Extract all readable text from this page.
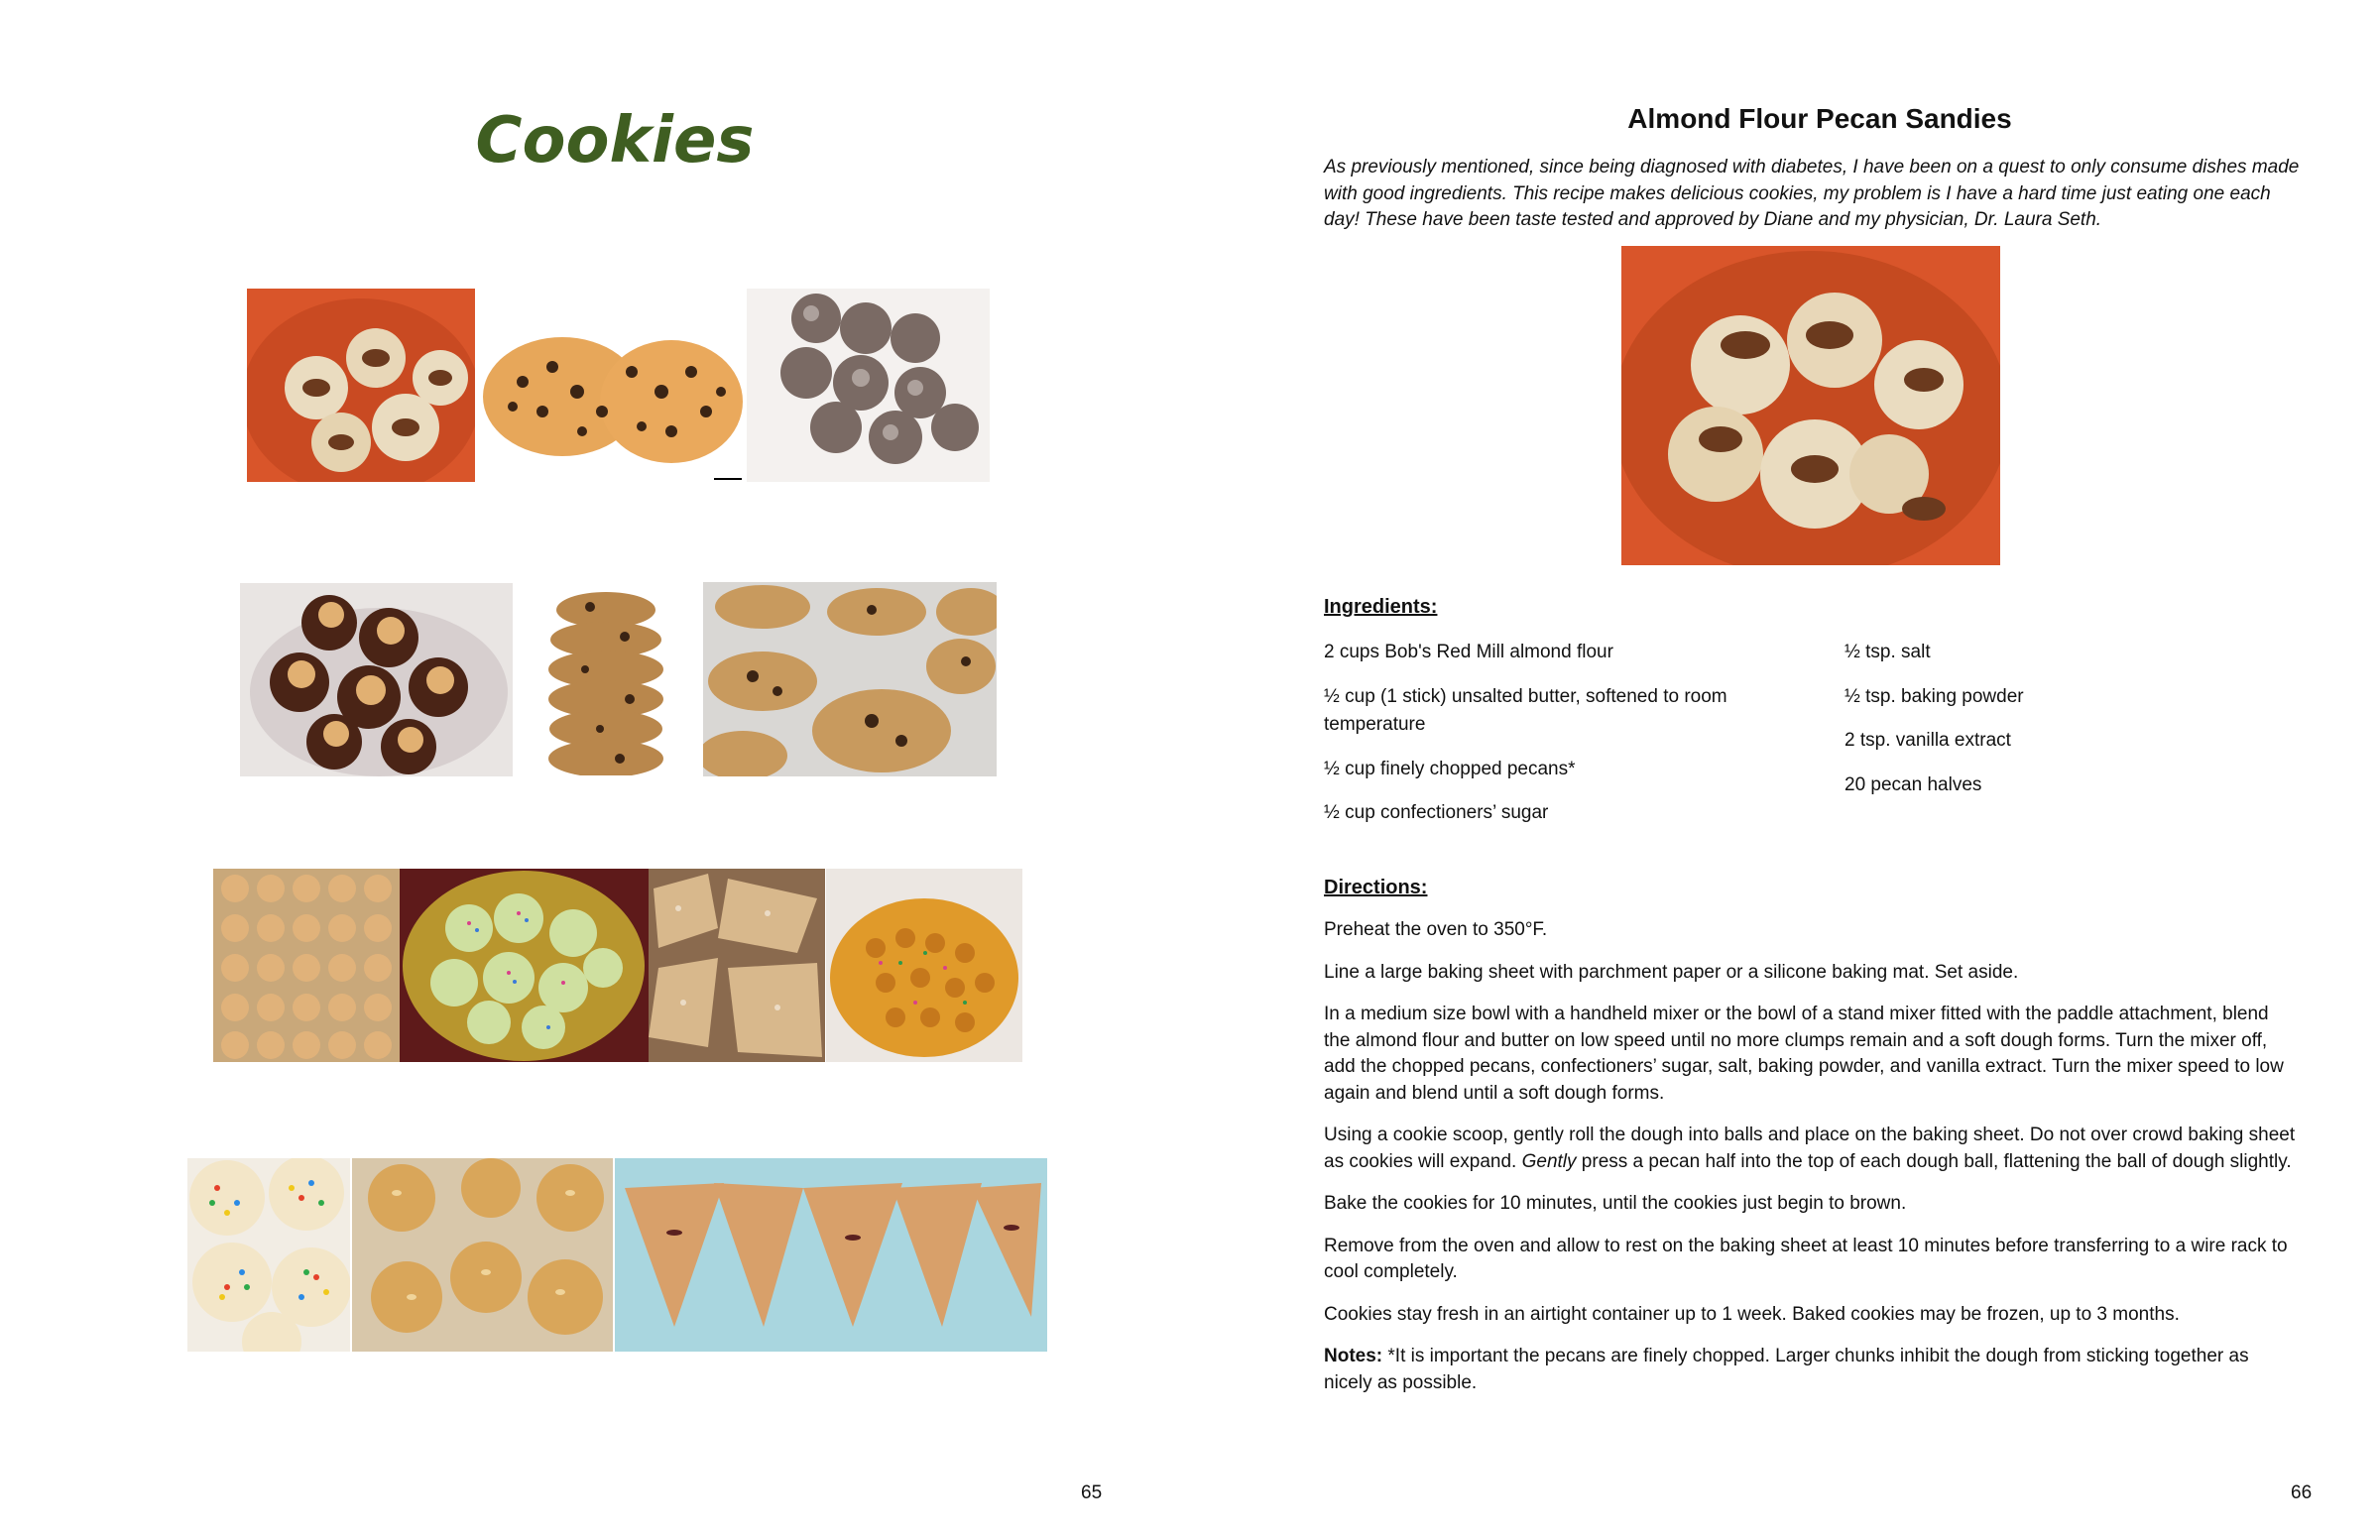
Cookies
65
Almond Flour Pecan Sandies
As previously mentioned, since being diagnosed with diabetes, I have been on a quest to only consume dishes made with good ingredients. This recipe makes delicious cookies, my problem is I have a hard time just eating one each day! These have been taste tested and approved by Diane and my physician, Dr. Laura Seth.
Ingredients:

2 cups Bob's Red Mill almond flour

½ cup (1 stick) unsalted butter, softened to room temperature

½ cup finely chopped pecans*

½ cup confectioners’ sugar

½ tsp. salt

½ tsp. baking powder

2 tsp. vanilla extract

20 pecan halves

Directions:

Preheat the oven to 350°F.

Line a large baking sheet with parchment paper or a silicone baking mat. Set aside.

In a medium size bowl with a handheld mixer or the bowl of a stand mixer fitted with the paddle attachment, blend the almond flour and butter on low speed until no more clumps remain and a soft dough forms. Turn the mixer off, add the chopped pecans, confectioners’ sugar, salt, baking powder, and vanilla extract. Turn the mixer speed to low again and blend until a soft dough forms.

Using a cookie scoop, gently roll the dough into balls and place on the baking sheet. Do not over crowd baking sheet as cookies will expand. Gently press a pecan half into the top of each dough ball, flattening the ball of dough slightly.

Bake the cookies for 10 minutes, until the cookies just begin to brown.

Remove from the oven and allow to rest on the baking sheet at least 10 minutes before transferring to a wire rack to cool completely.

Cookies stay fresh in an airtight container up to 1 week. Baked cookies may be frozen, up to 3 months.

Notes: *It is important the pecans are finely chopped. Larger chunks inhibit the dough from sticking together as nicely as possible.

66
